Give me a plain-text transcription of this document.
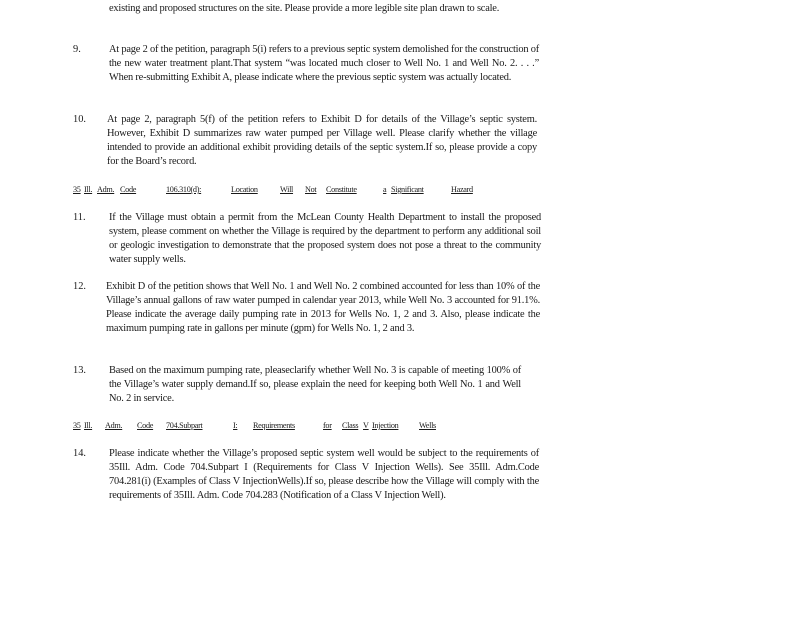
existing and proposed structures on the site. Please provide a more legible site plan drawn to scale.
9.	At page 2 of the petition, paragraph 5(i) refers to a previous septic system demolished for the construction of the new water treatment plant.That system “was located much closer to Well No. 1 and Well No. 2. . . .” When re-submitting Exhibit A, please indicate where the previous septic system was actually located.
10. At page 2, paragraph 5(f) of the petition refers to Exhibit D for details of the Village’s septic system. However, Exhibit D summarizes raw water pumped per Village well. Please clarify whether the village intended to provide an additional exhibit providing details of the septic system.If so, please provide a copy for the Board’s record.
35 Ill. Adm. Code	106.310(d):	Location	Will Not Constitute	a Significant	Hazard
11. If the Village must obtain a permit from the McLean County Health Department to install the proposed system, please comment on whether the Village is required by the department to perform any additional soil or geologic investigation to demonstrate that the proposed system does not pose a threat to the community water supply wells.
12. Exhibit D of the petition shows that Well No. 1 and Well No. 2 combined accounted for less than 10% of the Village’s annual gallons of raw water pumped in calendar year 2013, while Well No. 3 accounted for 91.1%. Please indicate the average daily pumping rate in 2013 for Wells No. 1, 2 and 3. Also, please indicate the maximum pumping rate in gallons per minute (gpm) for Wells No. 1, 2 and 3.
13. Based on the maximum pumping rate, pleaseclarify whether Well No. 3 is capable of meeting 100% of the Village’s water supply demand.If so, please explain the need for keeping both Well No. 1 and Well No. 2 in service.
35 Ill. Adm. Code 704.Subpart	I: Requirements	for Class V Injection	Wells
14. Please indicate whether the Village’s proposed septic system well would be subject to the requirements of 35Ill. Adm. Code 704.Subpart I (Requirements for Class V Injection Wells). See 35Ill. Adm.Code 704.281(i) (Examples of Class V InjectionWells).If so, please describe how the Village will comply with the requirements of 35Ill. Adm. Code 704.283 (Notification of a Class V Injection Well).
